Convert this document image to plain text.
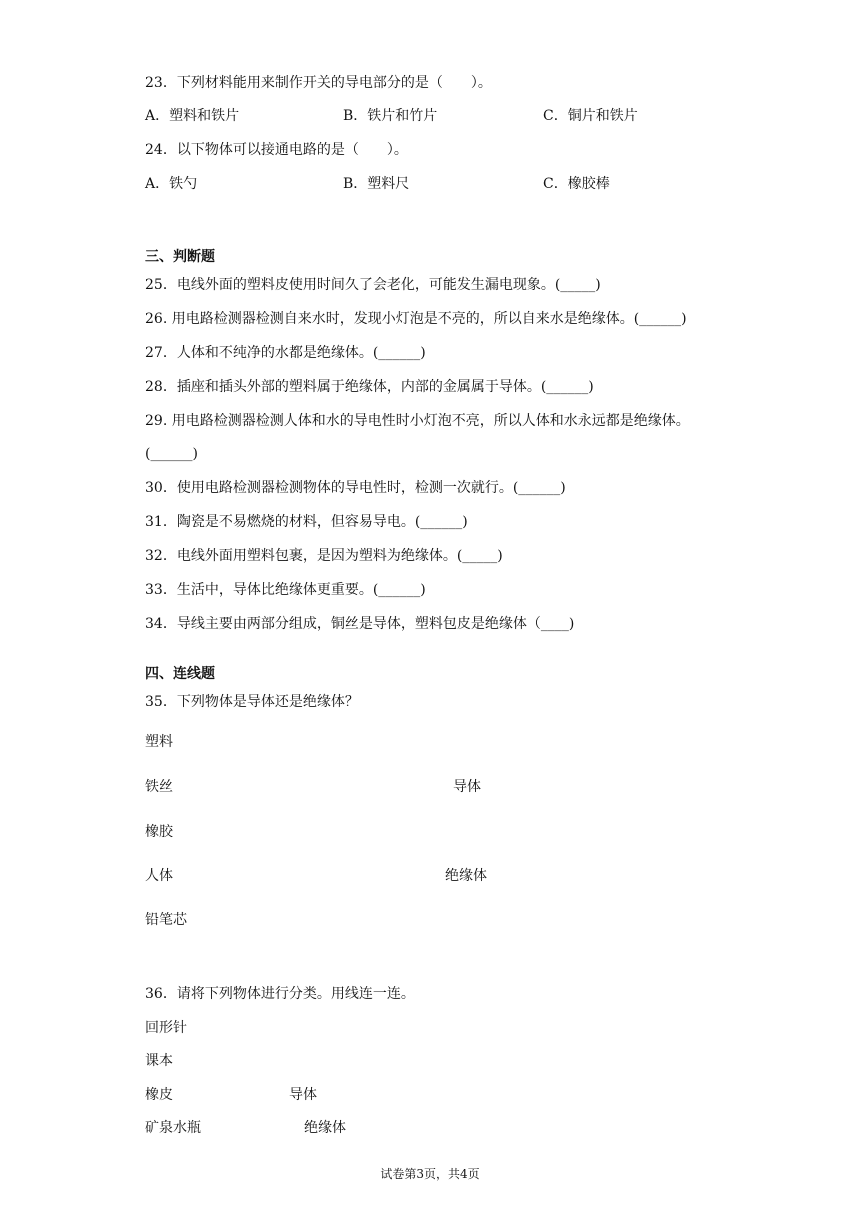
23．下列材料能用来制作开关的导电部分的是（　　）。
A．塑料和铁片	B．铁片和竹片	C．铜片和铁片
24．以下物体可以接通电路的是（　　）。
A．铁勺	B．塑料尺	C．橡胶棒
三、判断题
25．电线外面的塑料皮使用时间久了会老化，可能发生漏电现象。(_____)
26. 用电路检测器检测自来水时，发现小灯泡是不亮的，所以自来水是绝缘体。(______)
27．人体和不纯净的水都是绝缘体。(______)
28．插座和插头外部的塑料属于绝缘体，内部的金属属于导体。(______)
29. 用电路检测器检测人体和水的导电性时小灯泡不亮，所以人体和水永远都是绝缘体。
(______)
30．使用电路检测器检测物体的导电性时，检测一次就行。(______)
31．陶瓷是不易燃烧的材料，但容易导电。(______)
32．电线外面用塑料包裹，是因为塑料为绝缘体。(_____)
33．生活中，导体比绝缘体更重要。(______)
34．导线主要由两部分组成，铜丝是导体，塑料包皮是绝缘体（____)
四、连线题
35．下列物体是导体还是绝缘体？
塑料
铁丝
橡胶
人体
铅笔芯
导体
绝缘体
36．请将下列物体进行分类。用线连一连。
回形针
课本
橡皮
矿泉水瓶
导体
绝缘体
试卷第3页，共4页
